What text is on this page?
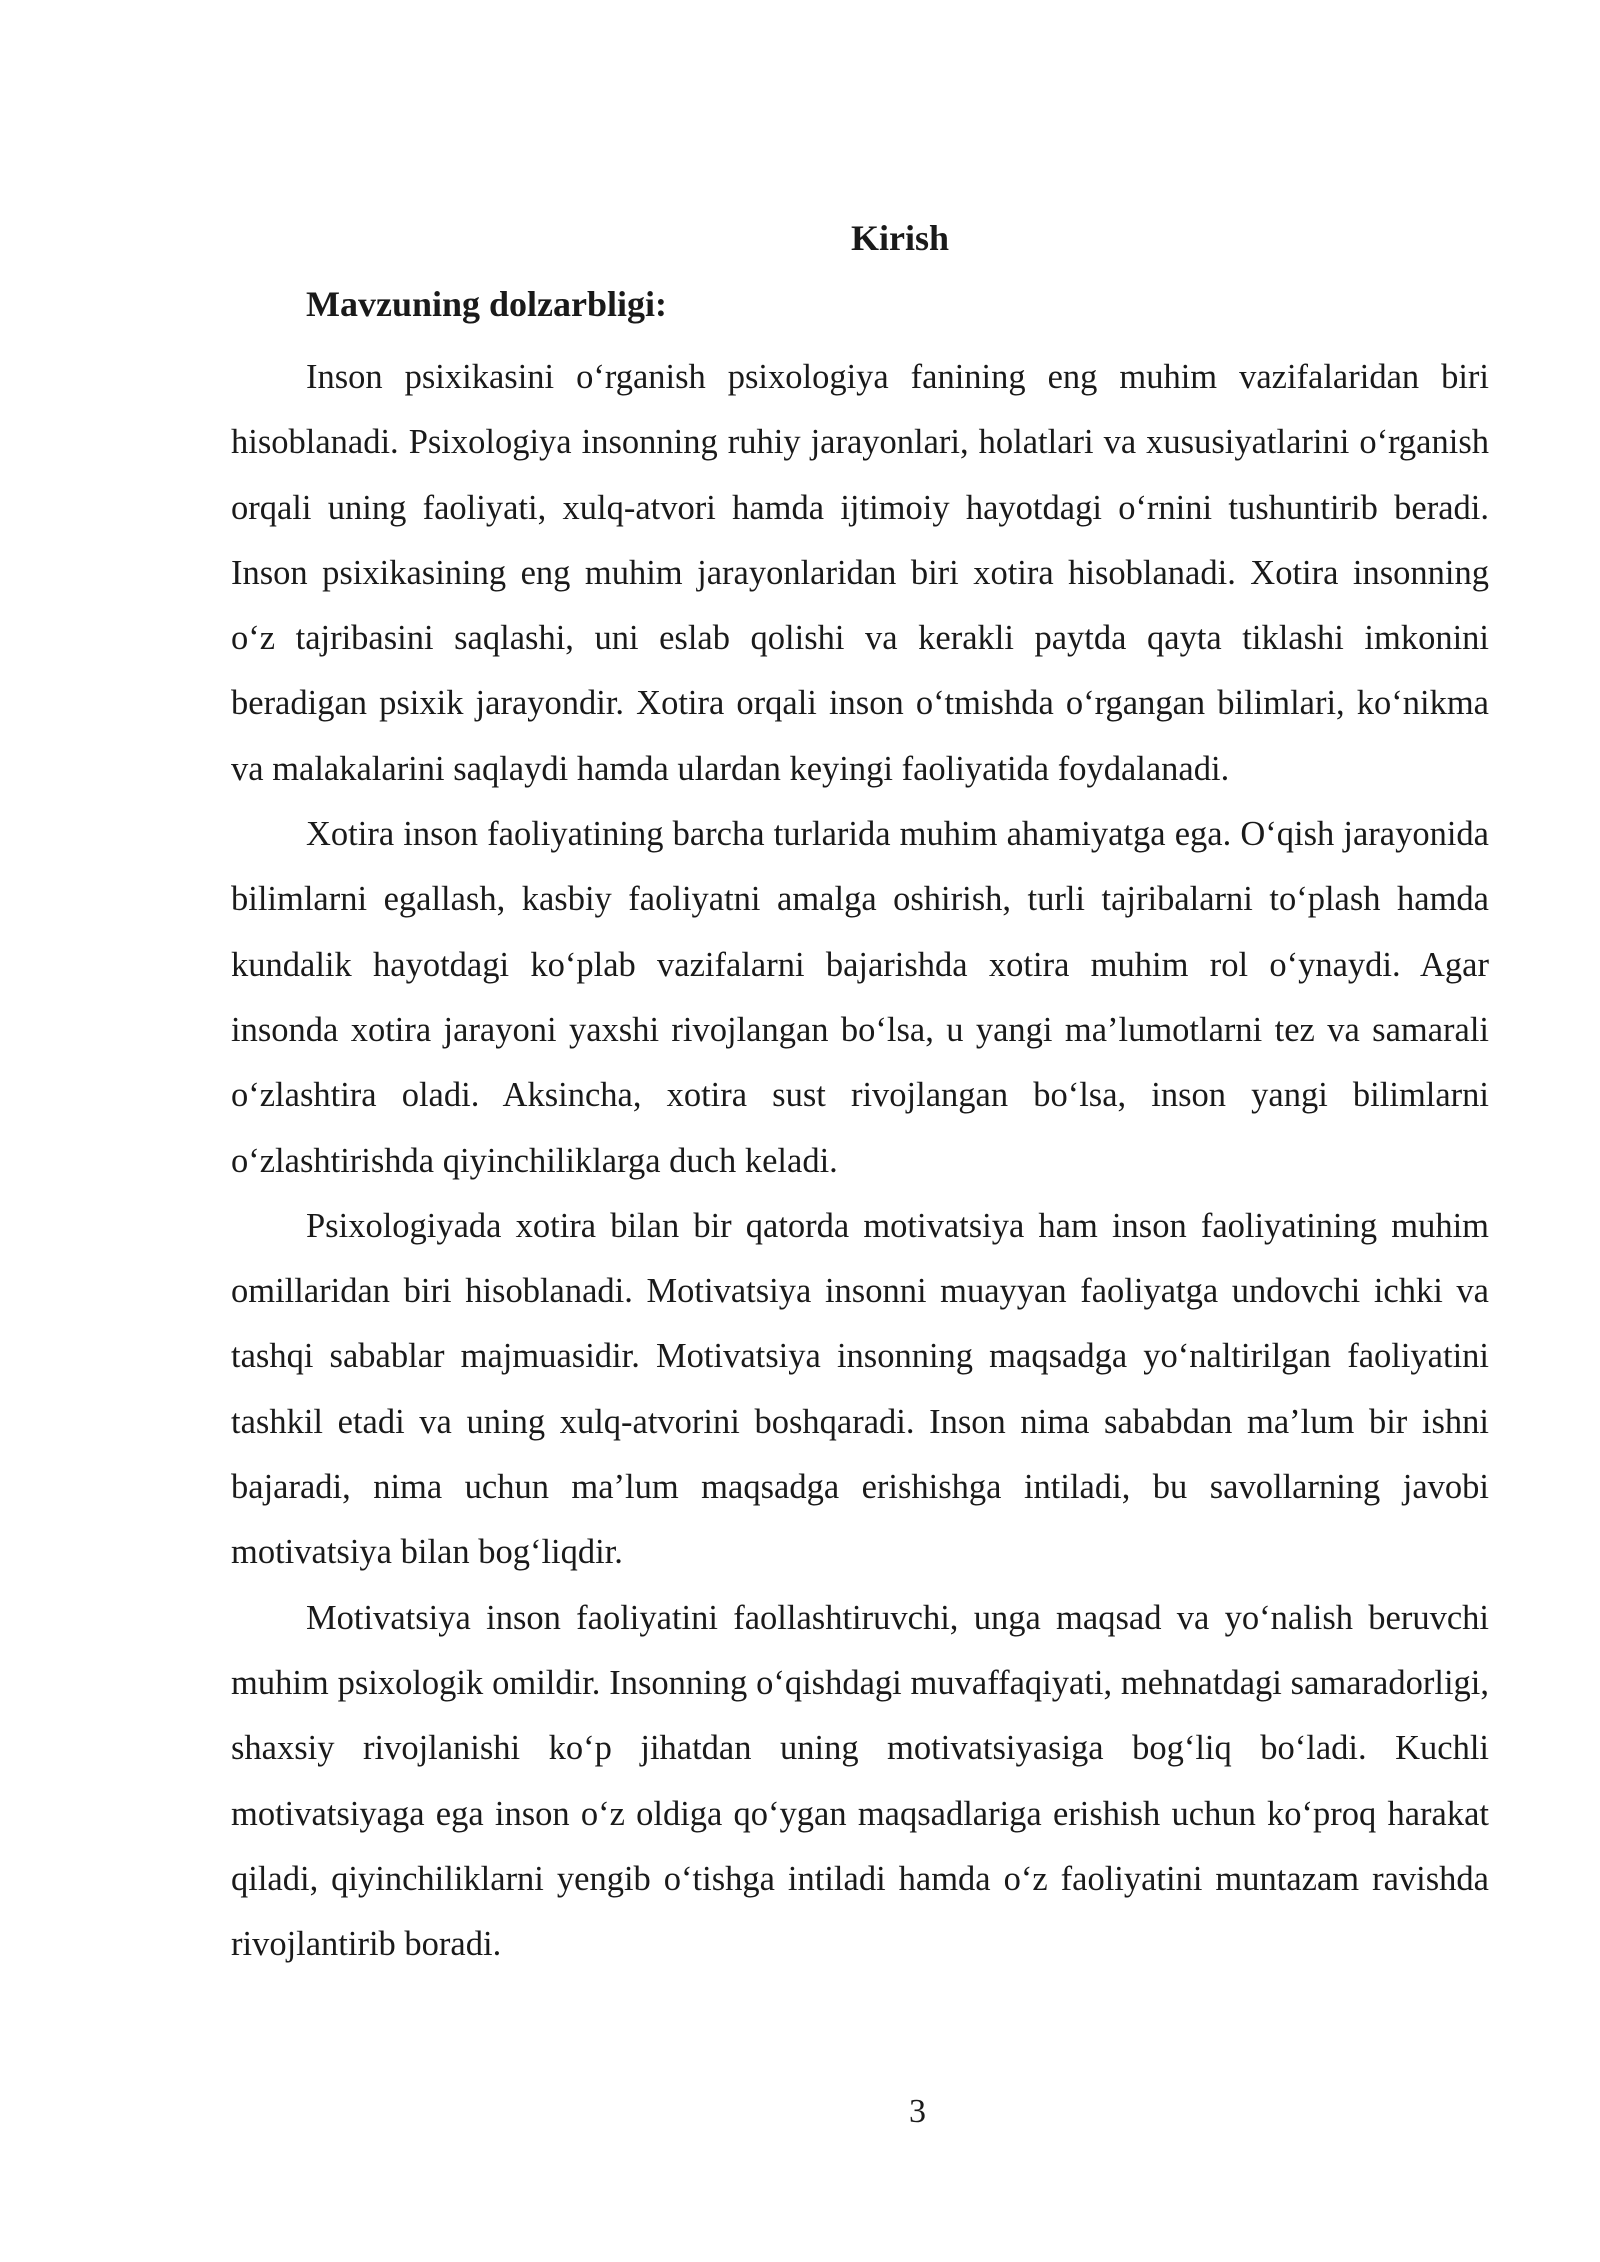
Kirish
Mavzuning dolzarbligi:

Inson psixikasini o‘rganish psixologiya fanining eng muhim vazifalaridan biri hisoblanadi. Psixologiya insonning ruhiy jarayonlari, holatlari va xususiyatlarini o‘rganish orqali uning faoliyati, xulq-atvori hamda ijtimoiy hayotdagi o‘rnini tushuntirib beradi. Inson psixikasining eng muhim jarayonlaridan biri xotira hisoblanadi. Xotira insonning o‘z tajribasini saqlashi, uni eslab qolishi va kerakli paytda qayta tiklashi imkonini beradigan psixik jarayondir. Xotira orqali inson o‘tmishda o‘rgangan bilimlari, ko‘nikma va malakalarini saqlaydi hamda ulardan keyingi faoliyatida foydalanadi.

Xotira inson faoliyatining barcha turlarida muhim ahamiyatga ega. O‘qish jarayonida bilimlarni egallash, kasbiy faoliyatni amalga oshirish, turli tajribalarni to‘plash hamda kundalik hayotdagi ko‘plab vazifalarni bajarishda xotira muhim rol o‘ynaydi. Agar insonda xotira jarayoni yaxshi rivojlangan bo‘lsa, u yangi ma’lumotlarni tez va samarali o‘zlashtira oladi. Aksincha, xotira sust rivojlangan bo‘lsa, inson yangi bilimlarni o‘zlashtirishda qiyinchiliklarga duch keladi.

Psixologiyada xotira bilan bir qatorda motivatsiya ham inson faoliyatining muhim omillaridan biri hisoblanadi. Motivatsiya insonni muayyan faoliyatga undovchi ichki va tashqi sabablar majmuasidir. Motivatsiya insonning maqsadga yo‘naltirilgan faoliyatini tashkil etadi va uning xulq-atvorini boshqaradi. Inson nima sababdan ma’lum bir ishni bajaradi, nima uchun ma’lum maqsadga erishishga intiladi, bu savollarning javobi motivatsiya bilan bog‘liqdir.

Motivatsiya inson faoliyatini faollashtiruvchi, unga maqsad va yo‘nalish beruvchi muhim psixologik omildir. Insonning o‘qishdagi muvaffaqiyati, mehnatdagi samaradorligi, shaxsiy rivojlanishi ko‘p jihatdan uning motivatsiyasiga bog‘liq bo‘ladi. Kuchli motivatsiyaga ega inson o‘z oldiga qo‘ygan maqsadlariga erishish uchun ko‘proq harakat qiladi, qiyinchiliklarni yengib o‘tishga intiladi hamda o‘z faoliyatini muntazam ravishda rivojlantirib boradi.

3
